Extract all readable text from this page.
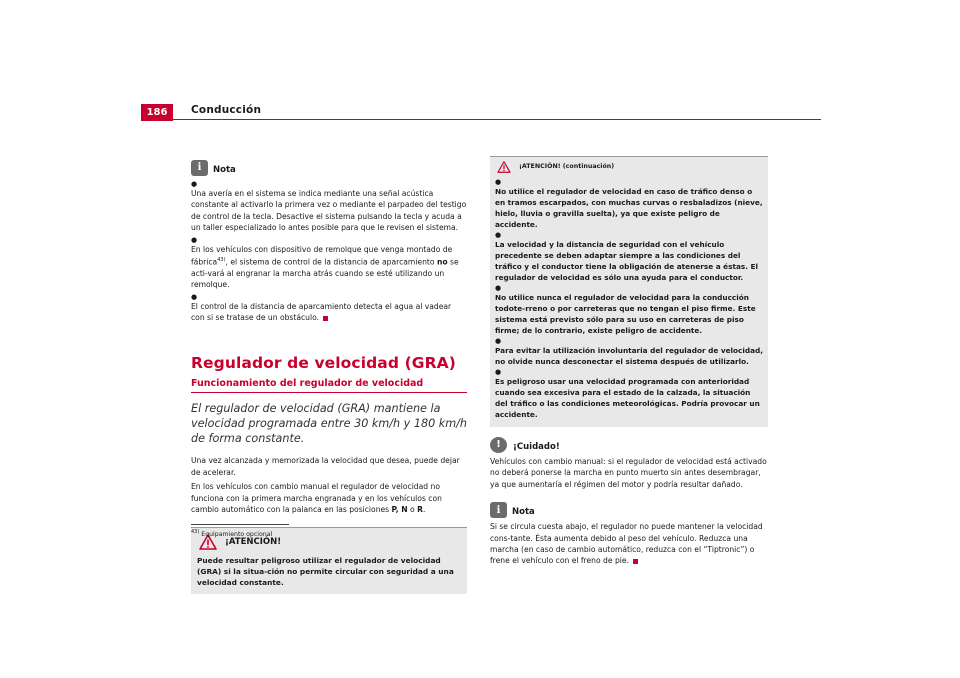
186	Conducción
i	Nota
●
Una avería en el sistema se indica mediante una señal acústica constante al activarlo la primera vez o mediante el parpadeo del testigo de control de la tecla. Desactive el sistema pulsando la tecla y acuda a un taller especializado lo antes posible para que le revisen el sistema.
●
En los vehículos con dispositivo de remolque que venga montado de fábrica$^{43)}$, el sistema de control de la distancia de aparcamiento no se acti-vará al engranar la marcha atrás cuando se esté utilizando un remolque.
●
El control de la distancia de aparcamiento detecta el agua al vadear con si se tratase de un obstáculo.
Regulador de velocidad (GRA)
Funcionamiento del regulador de velocidad
El regulador de velocidad (GRA) mantiene la velocidad programada entre 30 km/h y 180 km/h de forma constante.
Una vez alcanzada y memorizada la velocidad que desea, puede dejar de acelerar.
En los vehículos con cambio manual el regulador de velocidad no funciona con la primera marcha engranada y en los vehículos con cambio automático con la palanca en las posiciones P, N o R.
¡ATENCIÓN!
Puede resultar peligroso utilizar el regulador de velocidad (GRA) si la situa-ción no permite circular con seguridad a una velocidad constante.
$^{43)}$ Equipamiento opcional
¡ATENCIÓN! (continuación)
●
No utilice el regulador de velocidad en caso de tráfico denso o en tramos escarpados, con muchas curvas o resbaladizos (nieve, hielo, lluvia o gravilla suelta), ya que existe peligro de accidente.
●
La velocidad y la distancia de seguridad con el vehículo precedente se deben adaptar siempre a las condiciones del tráfico y el conductor tiene la obligación de atenerse a éstas. El regulador de velocidad es sólo una ayuda para el conductor.
●
No utilice nunca el regulador de velocidad para la conducción todote-rreno o por carreteras que no tengan el piso firme. Este sistema está previsto sólo para su uso en carreteras de piso firme; de lo contrario, existe peligro de accidente.
●
Para evitar la utilización involuntaria del regulador de velocidad, no olvide nunca desconectar el sistema después de utilizarlo.
●
Es peligroso usar una velocidad programada con anterioridad cuando sea excesiva para el estado de la calzada, la situación del tráfico o las condiciones meteorológicas. Podría provocar un accidente.
!	¡Cuidado!
Vehículos con cambio manual: si el regulador de velocidad está activado no deberá ponerse la marcha en punto muerto sin antes desembragar, ya que aumentaría el régimen del motor y podría resultar dañado.
i	Nota
Si se circula cuesta abajo, el regulador no puede mantener la velocidad cons-tante. Ésta aumenta debido al peso del vehículo. Reduzca una marcha (en caso de cambio automático, reduzca con el “Tiptronic”) o frene el vehículo con el freno de pie.
